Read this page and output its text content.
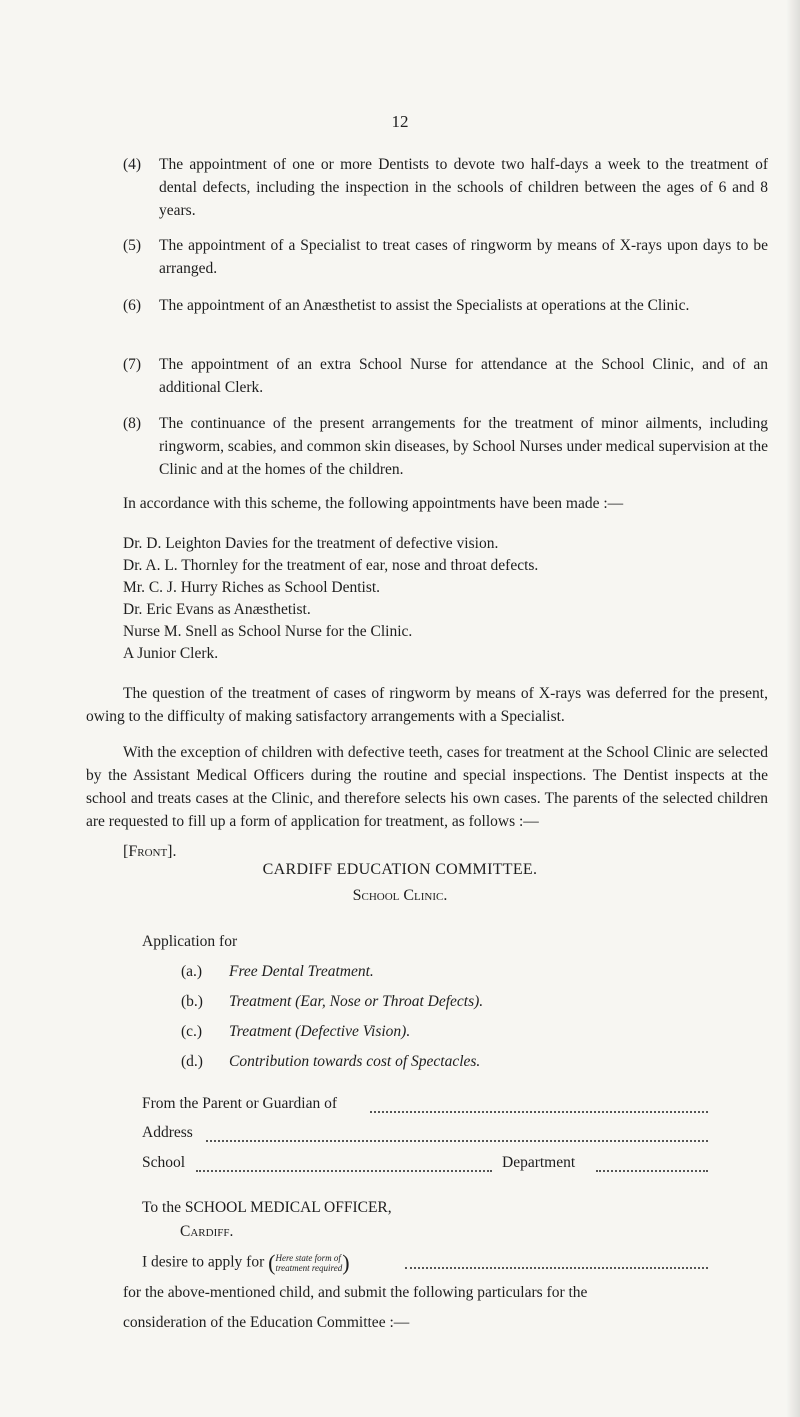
12
(4) The appointment of one or more Dentists to devote two half-days a week to the treatment of dental defects, including the inspection in the schools of children between the ages of 6 and 8 years.
(5) The appointment of a Specialist to treat cases of ringworm by means of X-rays upon days to be arranged.
(6) The appointment of an Anæsthetist to assist the Specialists at operations at the Clinic.
(7) The appointment of an extra School Nurse for attendance at the School Clinic, and of an additional Clerk.
(8) The continuance of the present arrangements for the treatment of minor ailments, including ringworm, scabies, and common skin diseases, by School Nurses under medical supervision at the Clinic and at the homes of the children.
In accordance with this scheme, the following appointments have been made :—
Dr. D. Leighton Davies for the treatment of defective vision.
Dr. A. L. Thornley for the treatment of ear, nose and throat defects.
Mr. C. J. Hurry Riches as School Dentist.
Dr. Eric Evans as Anæsthetist.
Nurse M. Snell as School Nurse for the Clinic.
A Junior Clerk.
The question of the treatment of cases of ringworm by means of X-rays was deferred for the present, owing to the difficulty of making satisfactory arrangements with a Specialist.
With the exception of children with defective teeth, cases for treatment at the School Clinic are selected by the Assistant Medical Officers during the routine and special inspections. The Dentist inspects at the school and treats cases at the Clinic, and therefore selects his own cases. The parents of the selected children are requested to fill up a form of application for treatment, as follows :—
[Front].
CARDIFF EDUCATION COMMITTEE.
School Clinic.
Application for
(a.) Free Dental Treatment.
(b.) Treatment (Ear, Nose or Throat Defects).
(c.) Treatment (Defective Vision).
(d.) Contribution towards cost of Spectacles.
From the Parent or Guardian of
Address
School	Department
To the SCHOOL MEDICAL OFFICER,
Cardiff.
I desire to apply for (Here state form of
treatment required)
for the above-mentioned child, and submit the following particulars for the
consideration of the Education Committee :—
